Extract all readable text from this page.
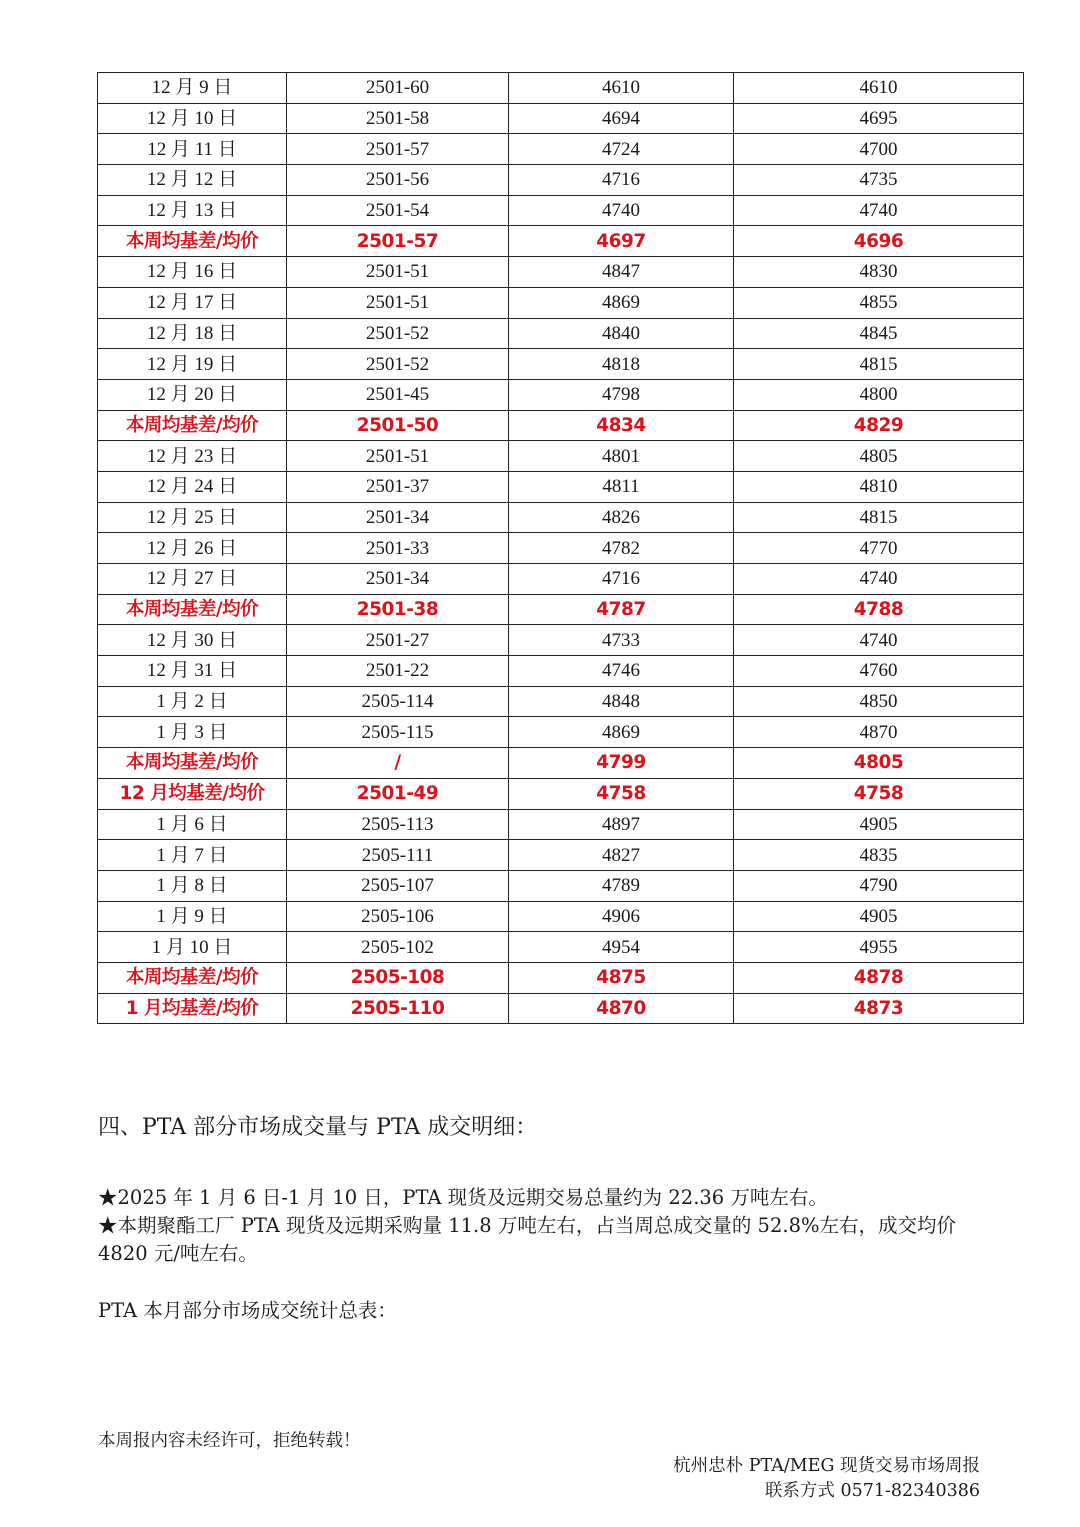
12 月 9 日	2501-60	4610	4610
12 月 10 日	2501-58	4694	4695
12 月 11 日	2501-57	4724	4700
12 月 12 日	2501-56	4716	4735
12 月 13 日	2501-54	4740	4740
本周均基差/均价	2501-57	4697	4696
12 月 16 日	2501-51	4847	4830
12 月 17 日	2501-51	4869	4855
12 月 18 日	2501-52	4840	4845
12 月 19 日	2501-52	4818	4815
12 月 20 日	2501-45	4798	4800
本周均基差/均价	2501-50	4834	4829
12 月 23 日	2501-51	4801	4805
12 月 24 日	2501-37	4811	4810
12 月 25 日	2501-34	4826	4815
12 月 26 日	2501-33	4782	4770
12 月 27 日	2501-34	4716	4740
本周均基差/均价	2501-38	4787	4788
12 月 30 日	2501-27	4733	4740
12 月 31 日	2501-22	4746	4760
1 月 2 日	2505-114	4848	4850
1 月 3 日	2505-115	4869	4870
本周均基差/均价	/	4799	4805
12 月均基差/均价	2501-49	4758	4758
1 月 6 日	2505-113	4897	4905
1 月 7 日	2505-111	4827	4835
1 月 8 日	2505-107	4789	4790
1 月 9 日	2505-106	4906	4905
1 月 10 日	2505-102	4954	4955
本周均基差/均价	2505-108	4875	4878
1 月均基差/均价	2505-110	4870	4873
四、PTA 部分市场成交量与 PTA 成交明细：
★2025 年 1 月 6 日-1 月 10 日，PTA 现货及远期交易总量约为 22.36 万吨左右。
★本期聚酯工厂 PTA 现货及远期采购量 11.8 万吨左右，占当周总成交量的 52.8%左右，成交均价
4820 元/吨左右。
PTA 本月部分市场成交统计总表：
本周报内容未经许可，拒绝转载！
杭州忠朴 PTA/MEG 现货交易市场周报
联系方式 0571-82340386
